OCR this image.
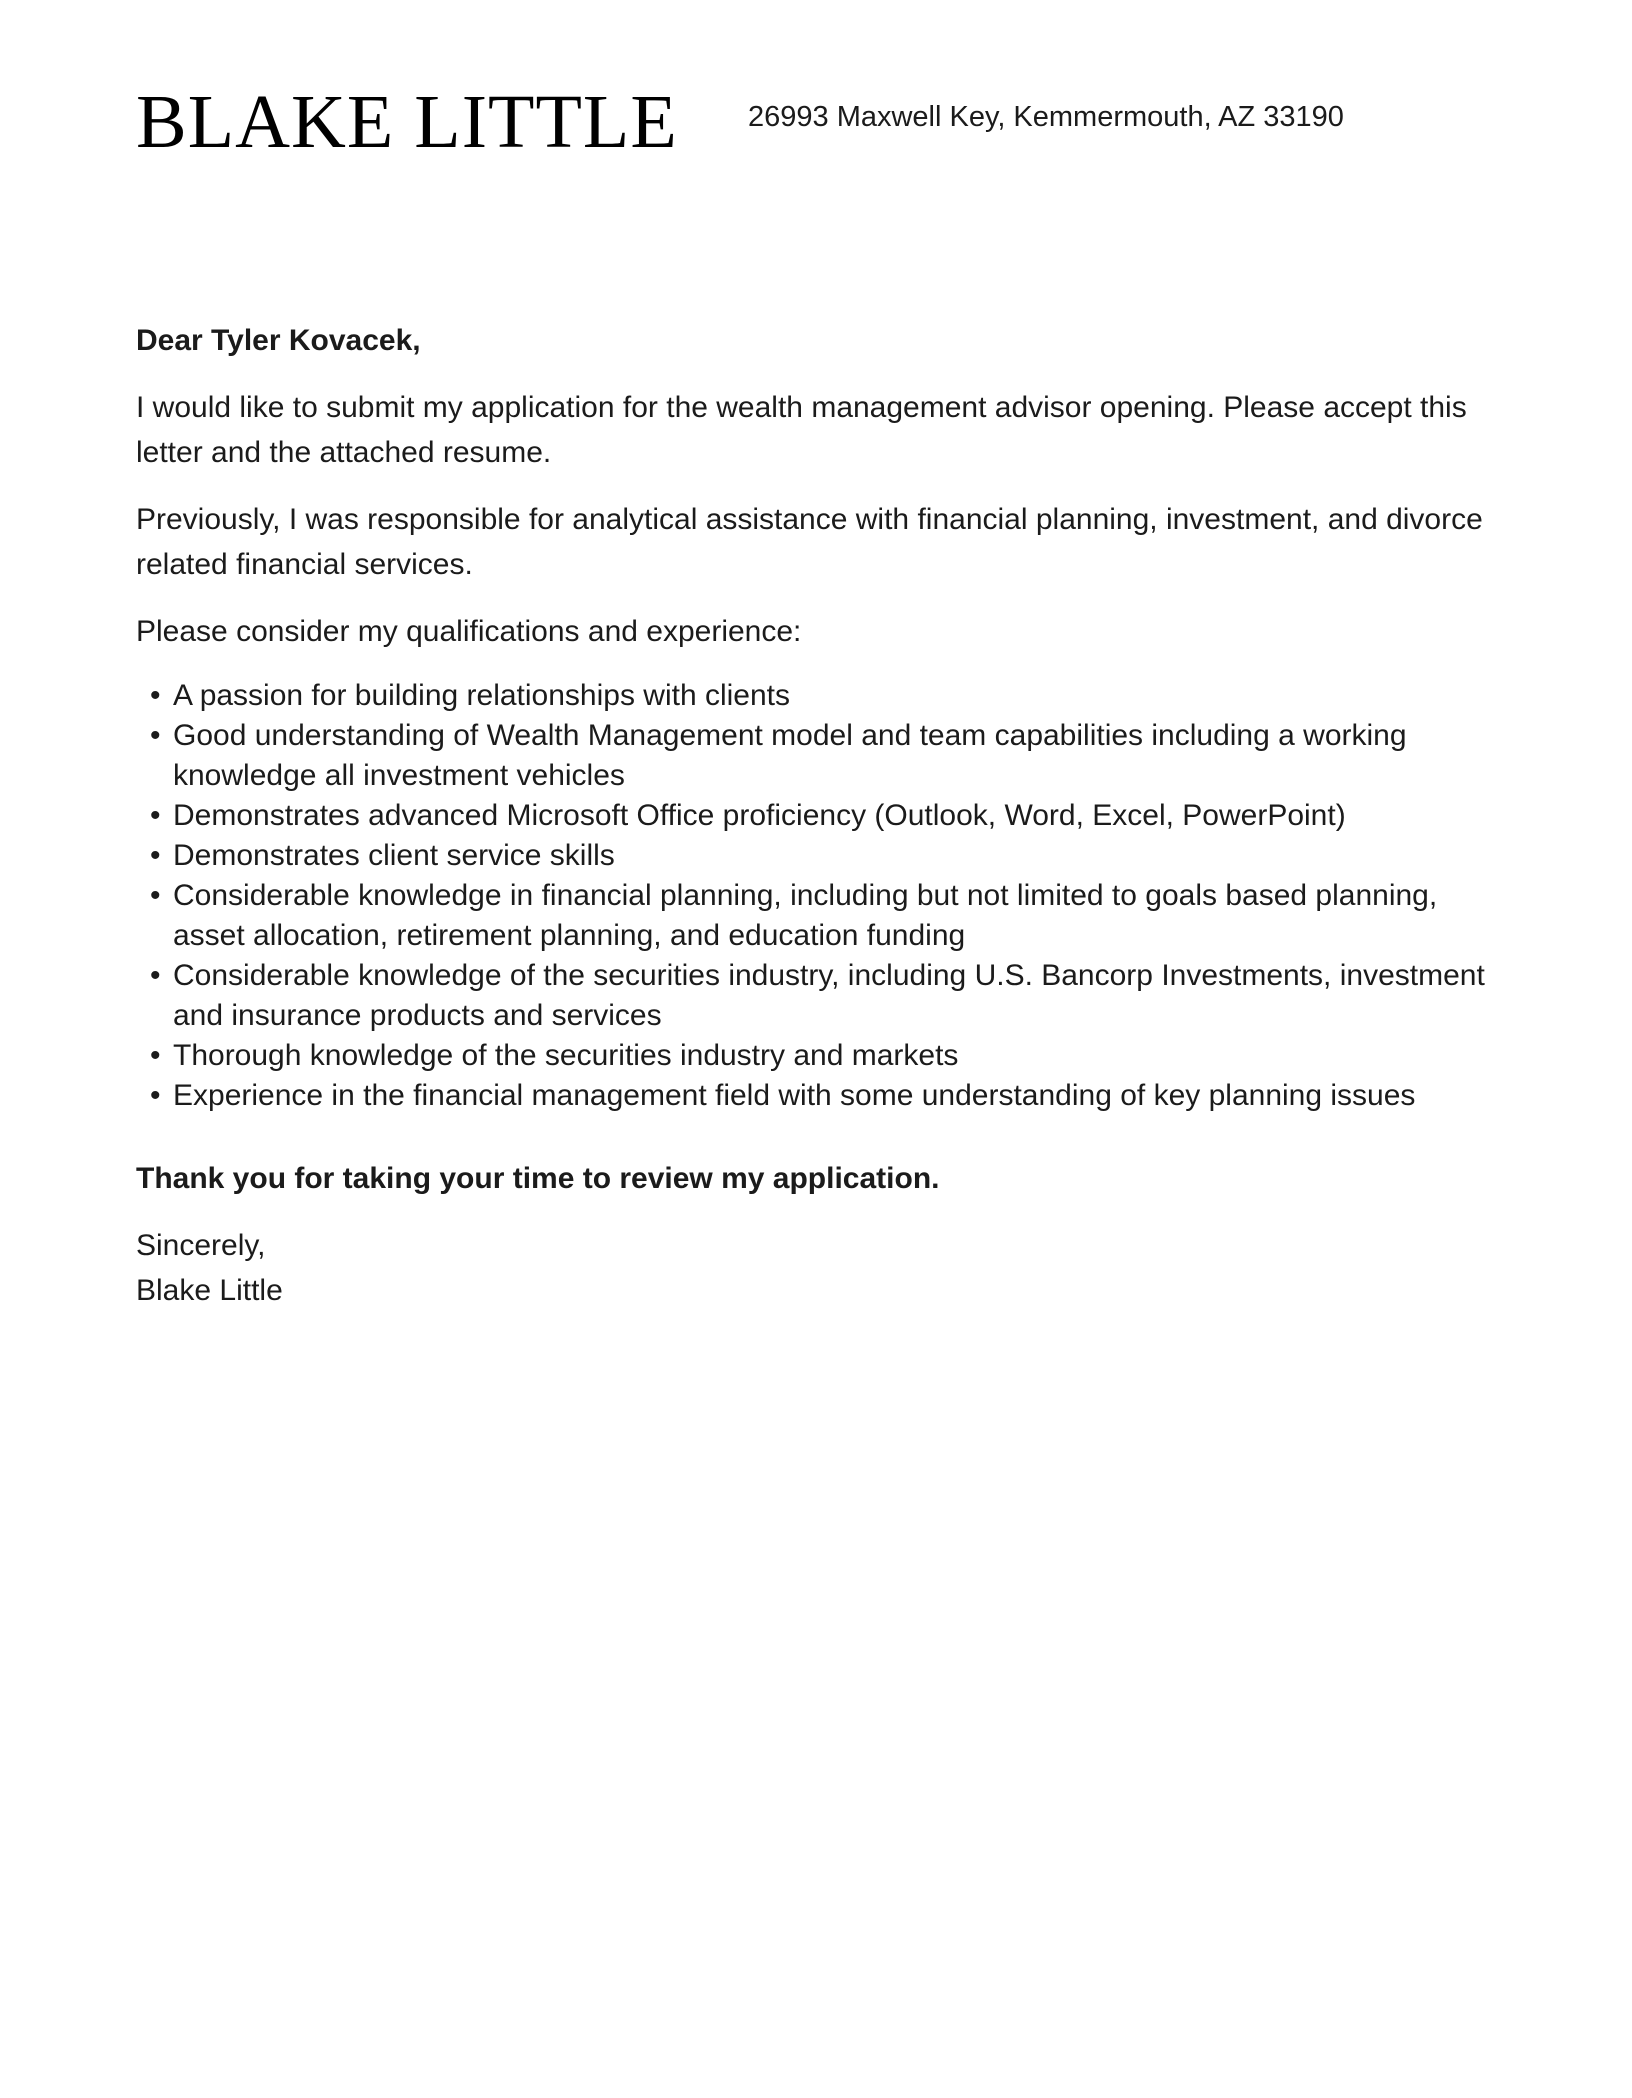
BLAKE LITTLE 26993 Maxwell Key, Kemmermouth, AZ 33190

Dear Tyler Kovacek,

I would like to submit my application for the wealth management advisor opening. Please accept this letter and the attached resume.

Previously, I was responsible for analytical assistance with financial planning, investment, and divorce related financial services.

Please consider my qualifications and experience:

• A passion for building relationships with clients
• Good understanding of Wealth Management model and team capabilities including a working knowledge all investment vehicles
• Demonstrates advanced Microsoft Office proficiency (Outlook, Word, Excel, PowerPoint)
• Demonstrates client service skills
• Considerable knowledge in financial planning, including but not limited to goals based planning, asset allocation, retirement planning, and education funding
• Considerable knowledge of the securities industry, including U.S. Bancorp Investments, investment and insurance products and services
• Thorough knowledge of the securities industry and markets
• Experience in the financial management field with some understanding of key planning issues

Thank you for taking your time to review my application.

Sincerely,
Blake Little
